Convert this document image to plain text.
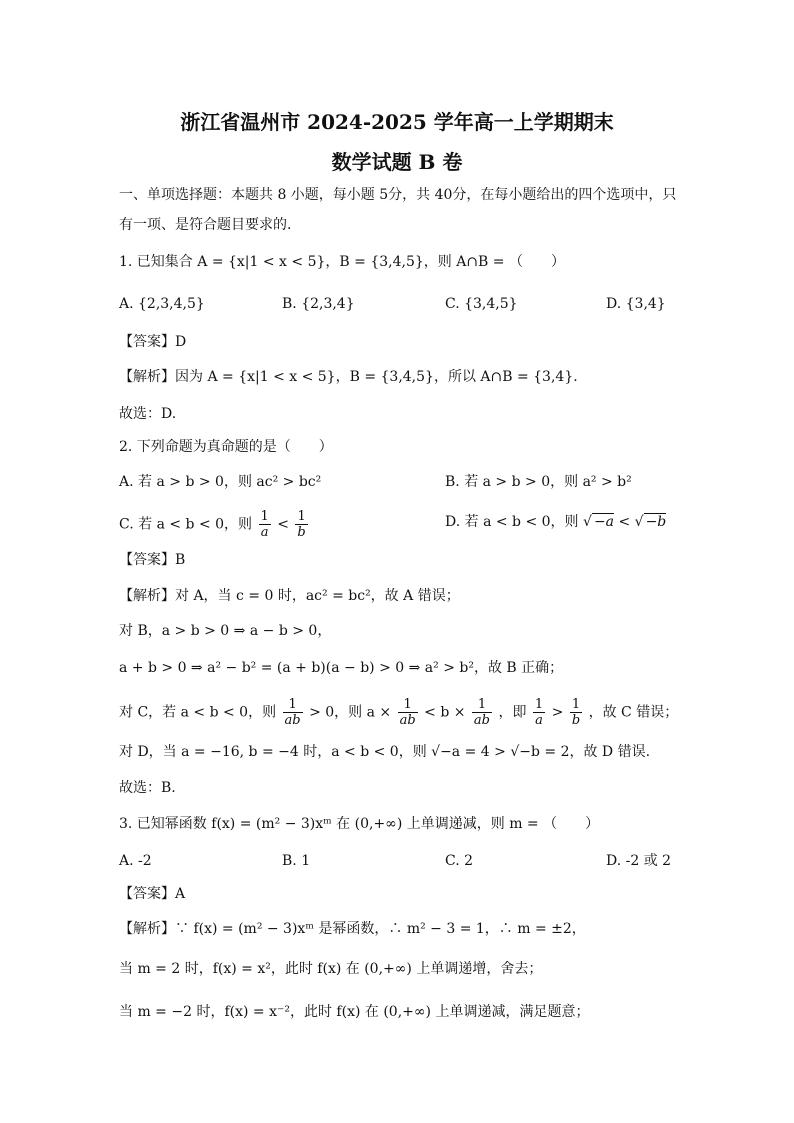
浙江省温州市 2024-2025 学年高一上学期期末
数学试题 B 卷
一、单项选择题：本题共 8 小题，每小题 5分，共 40分，在每小题给出的四个选项中，只
有一项、是符合题目要求的.
1. 已知集合 A = {x|1 < x < 5}，B = {3,4,5}，则 A∩B = （　　）
A. {2,3,4,5}	B. {2,3,4}	C. {3,4,5}	D. {3,4}
【答案】D
【解析】因为 A = {x|1 < x < 5}，B = {3,4,5}，所以 A∩B = {3,4}.
故选：D.
2. 下列命题为真命题的是（　　）
A. 若 a > b > 0，则 ac² > bc²	B. 若 a > b > 0，则 a² > b²
C. 若 a < b < 0，则 $\frac{1}{a} < \frac{1}{b}$	D. 若 a < b < 0，则 √ −a < √ −b
【答案】B
【解析】对 A，当 c = 0 时，ac² = bc²，故 A 错误；
对 B，a > b > 0 ⇒ a − b > 0，
a + b > 0 ⇒ a² − b² = (a + b)(a − b) > 0 ⇒ a² > b²，故 B 正确；
对 C，若 a < b < 0，则 $\frac{1}{ab} > 0$，则 $a \times \frac{1}{ab} < b \times \frac{1}{ab}$ ，即 $\frac{1}{a} > \frac{1}{b}$ ，故 C 错误；
对 D，当 a = −16, b = −4 时，a < b < 0，则 √−a = 4 > √−b = 2，故 D 错误.
故选：B.
3. 已知幂函数 f(x) = (m² − 3)xᵐ 在 (0,+∞) 上单调递减，则 m = （　　）
A. -2	B. 1	C. 2	D. -2 或 2
【答案】A
【解析】∵ f(x) = (m² − 3)xᵐ 是幂函数，∴ m² − 3 = 1，∴ m = ±2，
当 m = 2 时，f(x) = x²，此时 f(x) 在 (0,+∞) 上单调递增，舍去；
当 m = −2 时，f(x) = x⁻²，此时 f(x) 在 (0,+∞) 上单调递减，满足题意；
